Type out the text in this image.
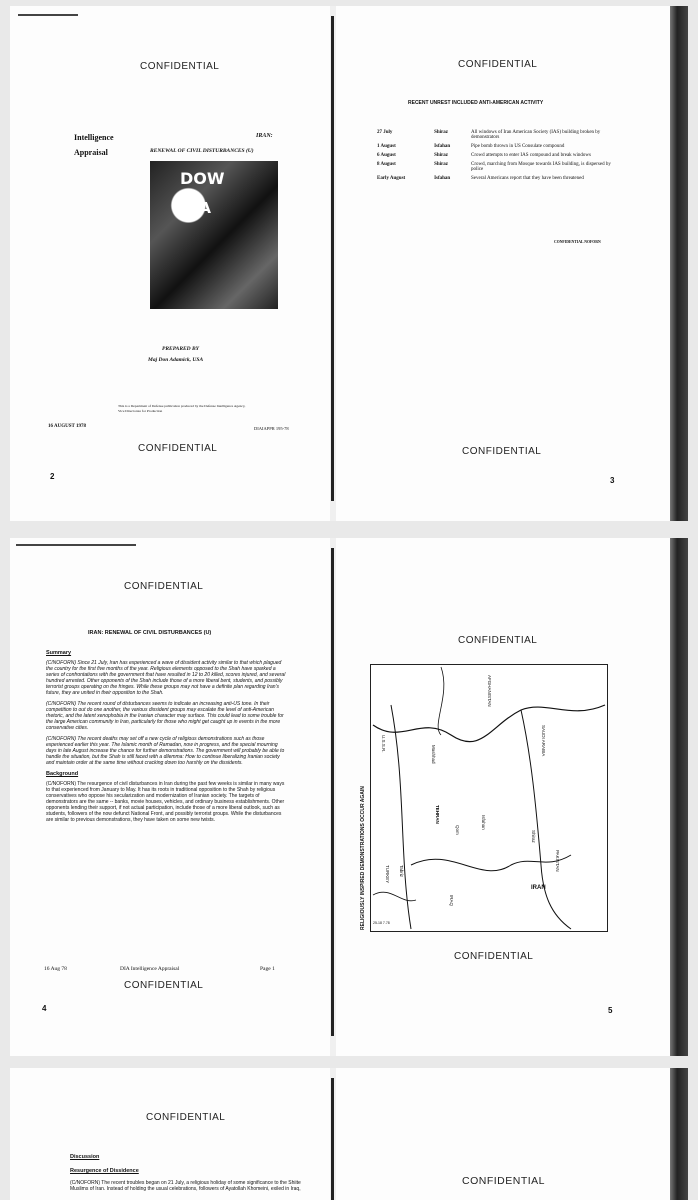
CONFIDENTIAL
Intelligence
Appraisal
IRAN:
RENEWAL OF CIVIL DISTURBANCES (U)
DOW
SHA
PREPARED BY
Maj Don Adamick, USA
This is a Department of Defense publication produced by the Defense Intelligence Agency, Vice Directorate for Production
16 AUGUST 1978	DIAIAPPR 195-78
CONFIDENTIAL
2
CONFIDENTIAL
RECENT UNREST INCLUDED ANTI-AMERICAN ACTIVITY
27 July	Shiraz	All windows of Iran American Society (IAS) building broken by demonstrators
1 August	Isfahan	Pipe bomb thrown in US Consulate compound
6 August	Shiraz	Crowd attempts to enter IAS compound and break windows
8 August	Shiraz	Crowd, marching from Mosque towards IAS building, is dispersed by police
Early August	Isfahan	Several Americans report that they have been threatened
CONFIDENTIAL NOFORN
CONFIDENTIAL
3
CONFIDENTIAL
IRAN: RENEWAL OF CIVIL DISTURBANCES (U)
Summary

(C/NOFORN) Since 21 July, Iran has experienced a wave of dissident activity similar to that which plagued the country for the first five months of the year. Religious elements opposed to the Shah have sparked a series of confrontations with the government that have resulted in 12 to 20 killed, scores injured, and several hundred arrested. Other opponents of the Shah include those of a more liberal bent, students, and possibly terrorist groups operating on the fringes. While these groups may not have a definite plan regarding Iran's future, they are united in their opposition to the Shah.

(C/NOFORN) The recent round of disturbances seems to indicate an increasing anti-US tone. In their competition to out do one another, the various dissident groups may escalate the level of anti-American rhetoric, and the latent xenophobia in the Iranian character may surface. This could lead to some trouble for the large American community in Iran, particularly for those who might get caught up in events in the more conservative cities.

(C/NOFORN) The recent deaths may set off a new cycle of religious demonstrations such as those experienced earlier this year. The Islamic month of Ramadan, now in progress, and the special mourning days in late August increase the chance for further demonstrations. The government will probably be able to handle the situation, but the Shah is still faced with a dilemma: How to continue liberalizing Iranian society and maintain order at the same time without cracking down too harshly on the dissidents.

Background

(C/NOFORN) The resurgence of civil disturbances in Iran during the past few weeks is similar in many ways to that experienced from January to May. It has its roots in traditional opposition to the Shah by religious conservatives who oppose his secularization and modernization of Iranian society. The targets of demonstrators are the same -- banks, movie houses, vehicles, and ordinary business establishments. Other opponents lending their support, if not actual participation, include those of a more liberal outlook, such as students, followers of the now defunct National Front, and possibly terrorist groups. While the disturbances are similar to previous demonstrations, they have taken on some new twists.

16 Aug 78	DIA Intelligence Appraisal	Page 1
CONFIDENTIAL
4
CONFIDENTIAL
RELIGIOUSLY INSPIRED DEMONSTRATIONS OCCUR AGAIN
U.S.S.R.
AFGHANISTAN
IRAN
IRAQ
PAKISTAN
SAUDI ARABIA
TURKEY
TEHRAN
Qom
Isfahan
Shiraz
Mashhad
Tabriz
25-18 7.78
CONFIDENTIAL
5
CONFIDENTIAL
Discussion
Resurgence of Dissidence

(C/NOFORN) The recent troubles began on 21 July, a religious holiday of some significance to the Shiite Muslims of Iran. Instead of holding the usual celebrations, followers of Ayatollah Khomeini, exiled in Iraq,

CONFIDENTIAL
